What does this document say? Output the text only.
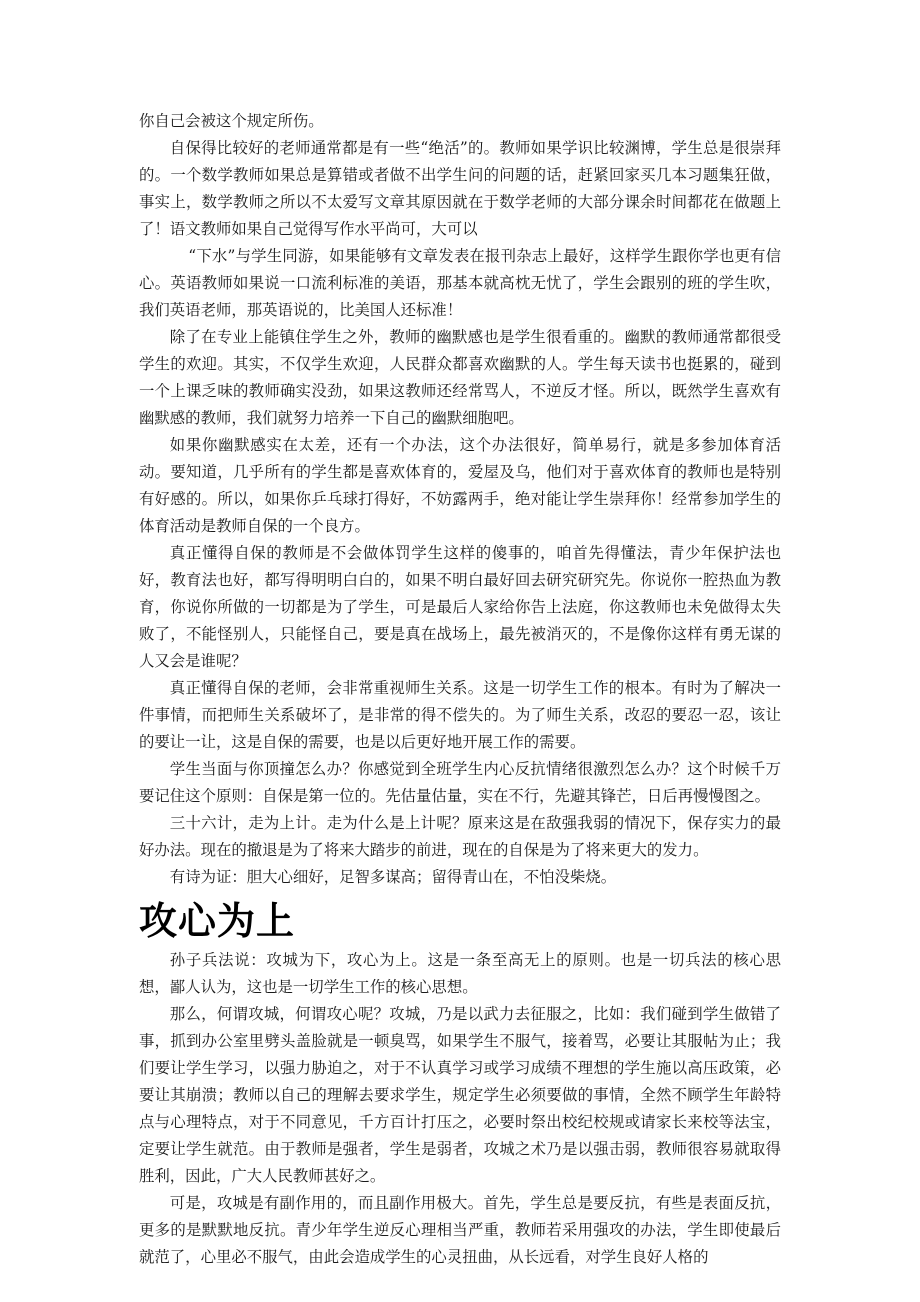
你自己会被这个规定所伤。

自保得比较好的老师通常都是有一些“绝活”的。教师如果学识比较渊博，学生总是很崇拜的。一个数学教师如果总是算错或者做不出学生问的问题的话，赶紧回家买几本习题集狂做，事实上，数学教师之所以不太爱写文章其原因就在于数学老师的大部分课余时间都花在做题上了！语文教师如果自己觉得写作水平尚可，大可以

“下水”与学生同游，如果能够有文章发表在报刊杂志上最好，这样学生跟你学也更有信心。英语教师如果说一口流利标准的美语，那基本就高枕无忧了，学生会跟别的班的学生吹，我们英语老师，那英语说的，比美国人还标准！

除了在专业上能镇住学生之外，教师的幽默感也是学生很看重的。幽默的教师通常都很受学生的欢迎。其实，不仅学生欢迎，人民群众都喜欢幽默的人。学生每天读书也挺累的，碰到一个上课乏味的教师确实没劲，如果这教师还经常骂人，不逆反才怪。所以，既然学生喜欢有幽默感的教师，我们就努力培养一下自己的幽默细胞吧。

如果你幽默感实在太差，还有一个办法，这个办法很好，简单易行，就是多参加体育活动。要知道，几乎所有的学生都是喜欢体育的，爱屋及乌，他们对于喜欢体育的教师也是特别有好感的。所以，如果你乒乓球打得好，不妨露两手，绝对能让学生崇拜你！经常参加学生的体育活动是教师自保的一个良方。

真正懂得自保的教师是不会做体罚学生这样的傻事的，咱首先得懂法，青少年保护法也好，教育法也好，都写得明明白白的，如果不明白最好回去研究研究先。你说你一腔热血为教育，你说你所做的一切都是为了学生，可是最后人家给你告上法庭，你这教师也未免做得太失败了，不能怪别人，只能怪自己，要是真在战场上，最先被消灭的，不是像你这样有勇无谋的人又会是谁呢？

真正懂得自保的老师，会非常重视师生关系。这是一切学生工作的根本。有时为了解决一件事情，而把师生关系破坏了，是非常的得不偿失的。为了师生关系，改忍的要忍一忍，该让的要让一让，这是自保的需要，也是以后更好地开展工作的需要。

学生当面与你顶撞怎么办？你感觉到全班学生内心反抗情绪很激烈怎么办？这个时候千万要记住这个原则：自保是第一位的。先估量估量，实在不行，先避其锋芒，日后再慢慢图之。

三十六计，走为上计。走为什么是上计呢？原来这是在敌强我弱的情况下，保存实力的最好办法。现在的撤退是为了将来大踏步的前进，现在的自保是为了将来更大的发力。

有诗为证：胆大心细好，足智多谋高；留得青山在，不怕没柴烧。

攻心为上

孙子兵法说：攻城为下，攻心为上。这是一条至高无上的原则。也是一切兵法的核心思想，鄙人认为，这也是一切学生工作的核心思想。

那么，何谓攻城，何谓攻心呢？攻城，乃是以武力去征服之，比如：我们碰到学生做错了事，抓到办公室里劈头盖脸就是一顿臭骂，如果学生不服气，接着骂，必要让其服帖为止；我们要让学生学习，以强力胁迫之，对于不认真学习或学习成绩不理想的学生施以高压政策，必要让其崩溃；教师以自己的理解去要求学生，规定学生必须要做的事情，全然不顾学生年龄特点与心理特点，对于不同意见，千方百计打压之，必要时祭出校纪校规或请家长来校等法宝，定要让学生就范。由于教师是强者，学生是弱者，攻城之术乃是以强击弱，教师很容易就取得胜利，因此，广大人民教师甚好之。

可是，攻城是有副作用的，而且副作用极大。首先，学生总是要反抗，有些是表面反抗，更多的是默默地反抗。青少年学生逆反心理相当严重，教师若采用强攻的办法，学生即使最后就范了，心里必不服气，由此会造成学生的心灵扭曲，从长远看，对学生良好人格的
